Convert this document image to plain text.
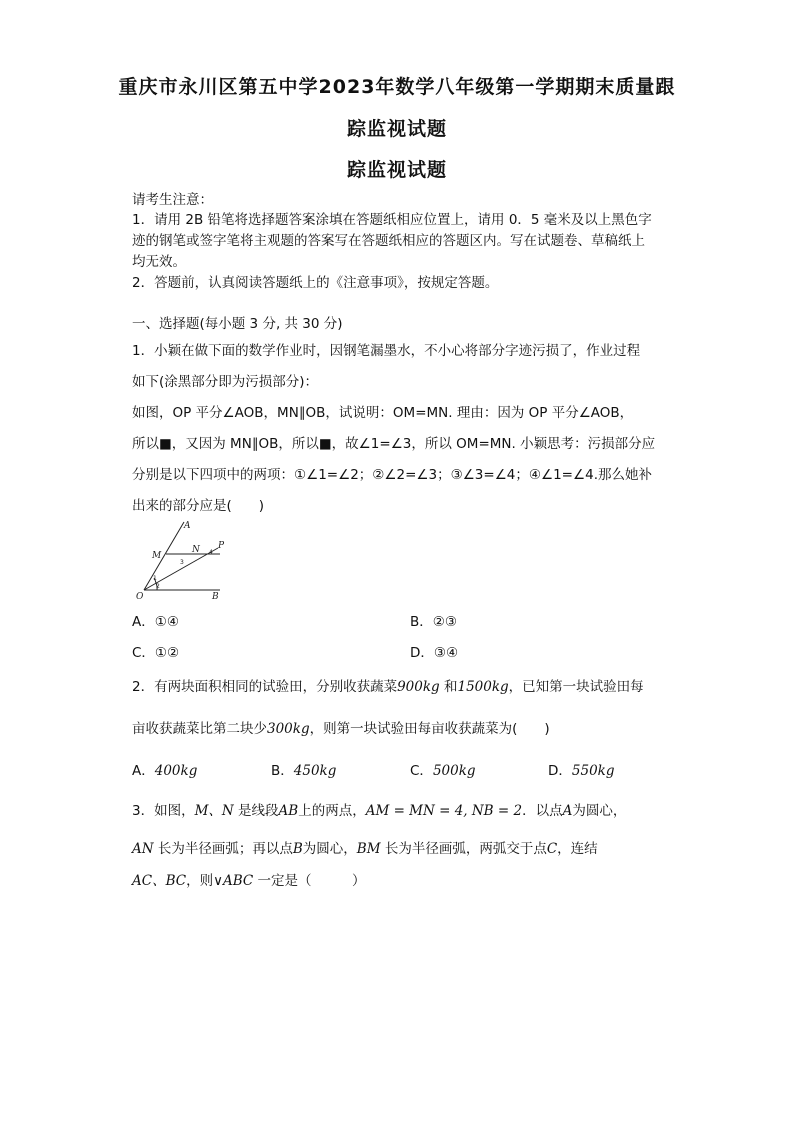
重庆市永川区第五中学2023年数学八年级第一学期期末质量跟
踪监视试题
踪监视试题
请考生注意：
1．请用 2B 铅笔将选择题答案涂填在答题纸相应位置上，请用 0．5 毫米及以上黑色字
迹的钢笔或签字笔将主观题的答案写在答题纸相应的答题区内。写在试题卷、草稿纸上
均无效。
2．答题前，认真阅读答题纸上的《注意事项》，按规定答题。
一、选择题(每小题 3 分, 共 30 分)
1．小颖在做下面的数学作业时，因钢笔漏墨水，不小心将部分字迹污损了，作业过程
如下(涂黑部分即为污损部分)：
如图，OP 平分∠AOB，MN∥OB，试说明：OM=MN. 理由：因为 OP 平分∠AOB，
所以■，又因为 MN∥OB，所以■，故∠1=∠3，所以 OM=MN. 小颖思考：污损部分应
分别是以下四项中的两项：①∠1=∠2；②∠2=∠3；③∠3=∠4；④∠1=∠4.那么她补
出来的部分应是(　　)
A
M
N P
O	B
1
2
3
4
A．①④	B．②③
C．①②	D．③④
2．有两块面积相同的试验田，分别收获蔬菜900kg 和1500kg，已知第一块试验田每
亩收获蔬菜比第二块少300kg，则第一块试验田每亩收获蔬菜为(　　)
A．400kg	B．450kg	C．500kg	D．550kg
3．如图，M、N 是线段AB上的两点，AM = MN = 4, NB = 2．以点A为圆心，
AN 长为半径画弧；再以点B为圆心，BM 长为半径画弧，两弧交于点C，连结
AC、BC，则∨ABC 一定是（　　　）
